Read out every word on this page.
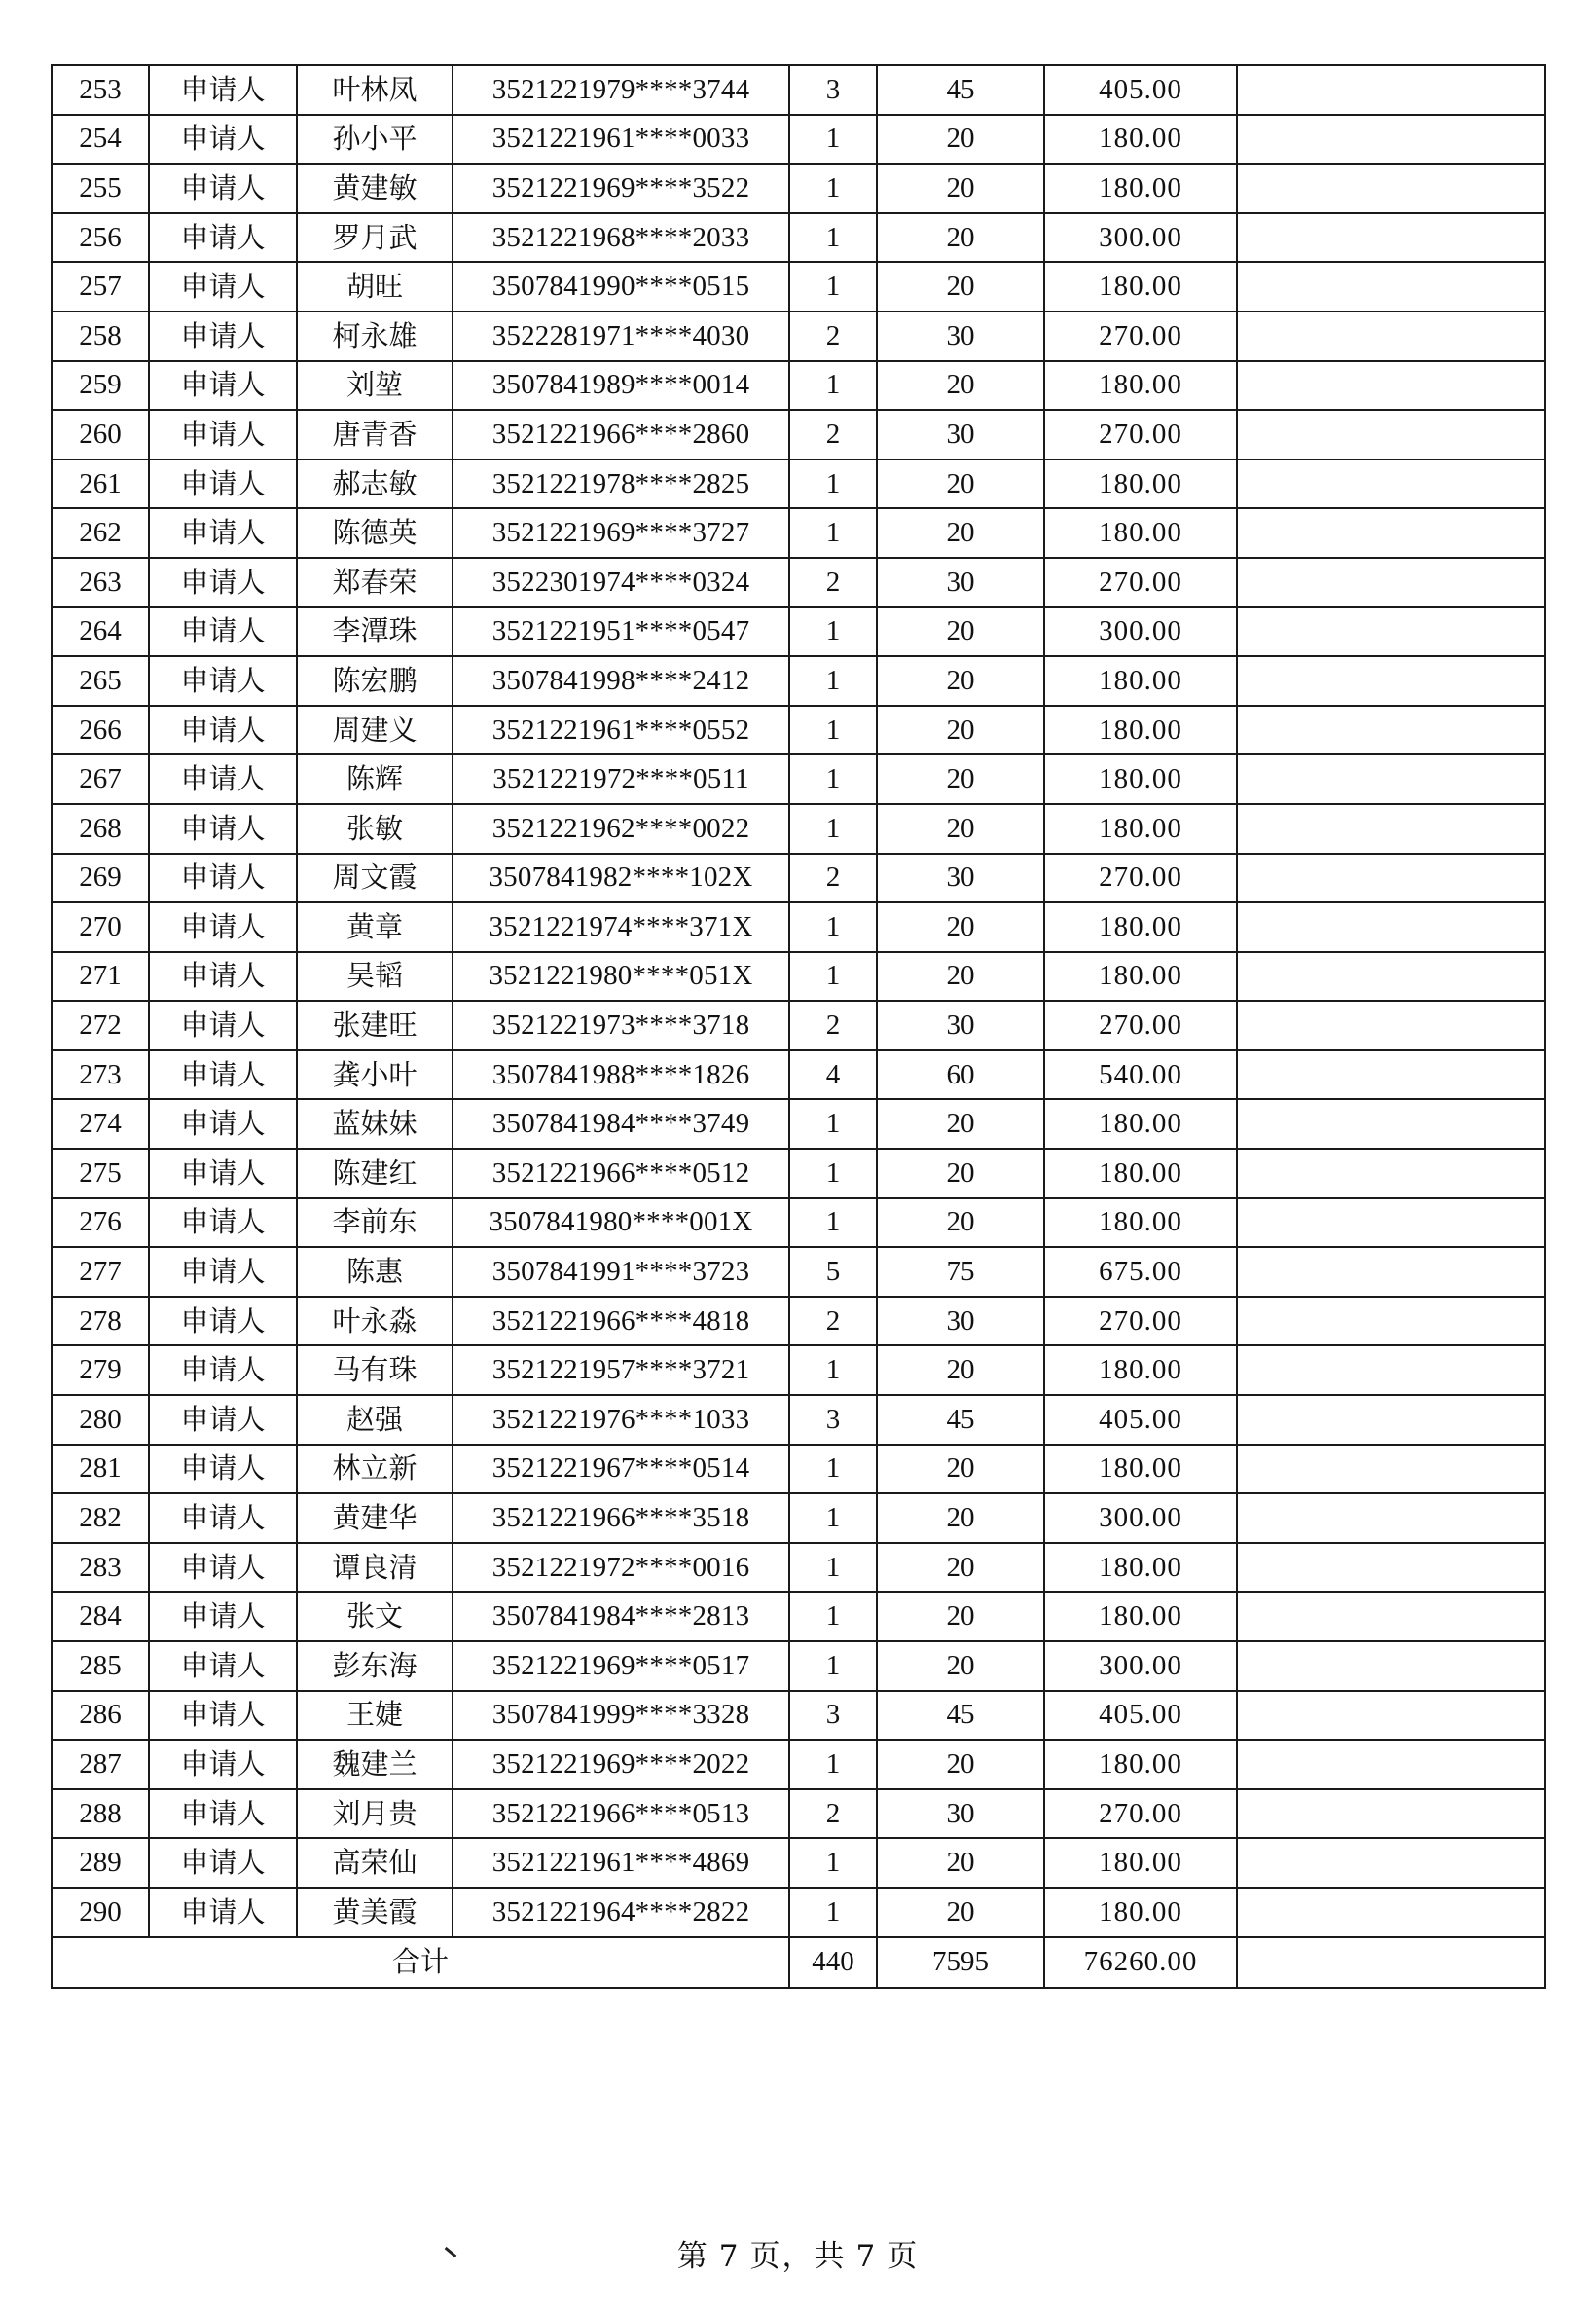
253	申请人	叶林凤	3521221979****3744	3	45	405.00	
254	申请人	孙小平	3521221961****0033	1	20	180.00	
255	申请人	黄建敏	3521221969****3522	1	20	180.00	
256	申请人	罗月武	3521221968****2033	1	20	300.00	
257	申请人	胡旺	3507841990****0515	1	20	180.00	
258	申请人	柯永雄	3522281971****4030	2	30	270.00	
259	申请人	刘堃	3507841989****0014	1	20	180.00	
260	申请人	唐青香	3521221966****2860	2	30	270.00	
261	申请人	郝志敏	3521221978****2825	1	20	180.00	
262	申请人	陈德英	3521221969****3727	1	20	180.00	
263	申请人	郑春荣	3522301974****0324	2	30	270.00	
264	申请人	李潭珠	3521221951****0547	1	20	300.00	
265	申请人	陈宏鹏	3507841998****2412	1	20	180.00	
266	申请人	周建义	3521221961****0552	1	20	180.00	
267	申请人	陈辉	3521221972****0511	1	20	180.00	
268	申请人	张敏	3521221962****0022	1	20	180.00	
269	申请人	周文霞	3507841982****102X	2	30	270.00	
270	申请人	黄章	3521221974****371X	1	20	180.00	
271	申请人	吴韬	3521221980****051X	1	20	180.00	
272	申请人	张建旺	3521221973****3718	2	30	270.00	
273	申请人	龚小叶	3507841988****1826	4	60	540.00	
274	申请人	蓝妹妹	3507841984****3749	1	20	180.00	
275	申请人	陈建红	3521221966****0512	1	20	180.00	
276	申请人	李前东	3507841980****001X	1	20	180.00	
277	申请人	陈惠	3507841991****3723	5	75	675.00	
278	申请人	叶永淼	3521221966****4818	2	30	270.00	
279	申请人	马有珠	3521221957****3721	1	20	180.00	
280	申请人	赵强	3521221976****1033	3	45	405.00	
281	申请人	林立新	3521221967****0514	1	20	180.00	
282	申请人	黄建华	3521221966****3518	1	20	300.00	
283	申请人	谭良清	3521221972****0016	1	20	180.00	
284	申请人	张文	3507841984****2813	1	20	180.00	
285	申请人	彭东海	3521221969****0517	1	20	300.00	
286	申请人	王婕	3507841999****3328	3	45	405.00	
287	申请人	魏建兰	3521221969****2022	1	20	180.00	
288	申请人	刘月贵	3521221966****0513	2	30	270.00	
289	申请人	高荣仙	3521221961****4869	1	20	180.00	
290	申请人	黄美霞	3521221964****2822	1	20	180.00	
合计				440	7595	76260.00	
第 7 页，共 7 页
